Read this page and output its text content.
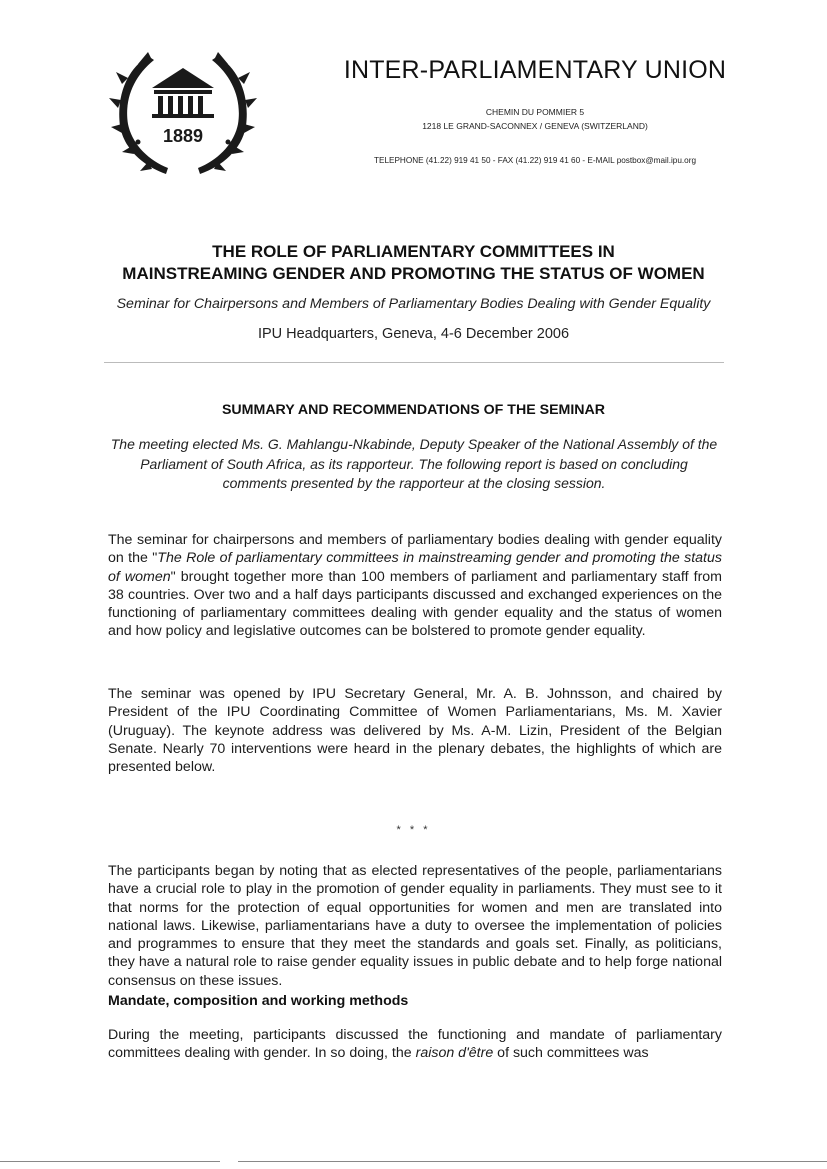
1889
INTER-PARLIAMENTARY UNION
CHEMIN DU POMMIER 5
1218 LE GRAND-SACONNEX / GENEVA (SWITZERLAND)
TELEPHONE (41.22) 919 41 50 - FAX (41.22) 919 41 60 - E-MAIL postbox@mail.ipu.org
THE ROLE OF PARLIAMENTARY COMMITTEES IN
MAINSTREAMING GENDER AND PROMOTING THE STATUS OF WOMEN
Seminar for Chairpersons and Members of Parliamentary Bodies Dealing with Gender Equality
IPU Headquarters, Geneva, 4-6 December 2006
SUMMARY AND RECOMMENDATIONS OF THE SEMINAR
The meeting elected Ms. G. Mahlangu-Nkabinde, Deputy Speaker of the National Assembly of the Parliament of South Africa, as its rapporteur. The following report is based on concluding comments presented by the rapporteur at the closing session.
The seminar for chairpersons and members of parliamentary bodies dealing with gender equality on the "The Role of parliamentary committees in mainstreaming gender and promoting the status of women" brought together more than 100 members of parliament and parliamentary staff from 38 countries. Over two and a half days participants discussed and exchanged experiences on the functioning of parliamentary committees dealing with gender equality and the status of women and how policy and legislative outcomes can be bolstered to promote gender equality.
The seminar was opened by IPU Secretary General, Mr. A. B. Johnsson, and chaired by President of the IPU Coordinating Committee of Women Parliamentarians, Ms. M. Xavier (Uruguay). The keynote address was delivered by Ms. A-M. Lizin, President of the Belgian Senate. Nearly 70 interventions were heard in the plenary debates, the highlights of which are presented below.
* * *
The participants began by noting that as elected representatives of the people, parliamentarians have a crucial role to play in the promotion of gender equality in parliaments. They must see to it that norms for the protection of equal opportunities for women and men are translated into national laws. Likewise, parliamentarians have a duty to oversee the implementation of policies and programmes to ensure that they meet the standards and goals set. Finally, as politicians, they have a natural role to raise gender equality issues in public debate and to help forge national consensus on these issues.
Mandate, composition and working methods
During the meeting, participants discussed the functioning and mandate of parliamentary committees dealing with gender. In so doing, the raison d'être of such committees was
